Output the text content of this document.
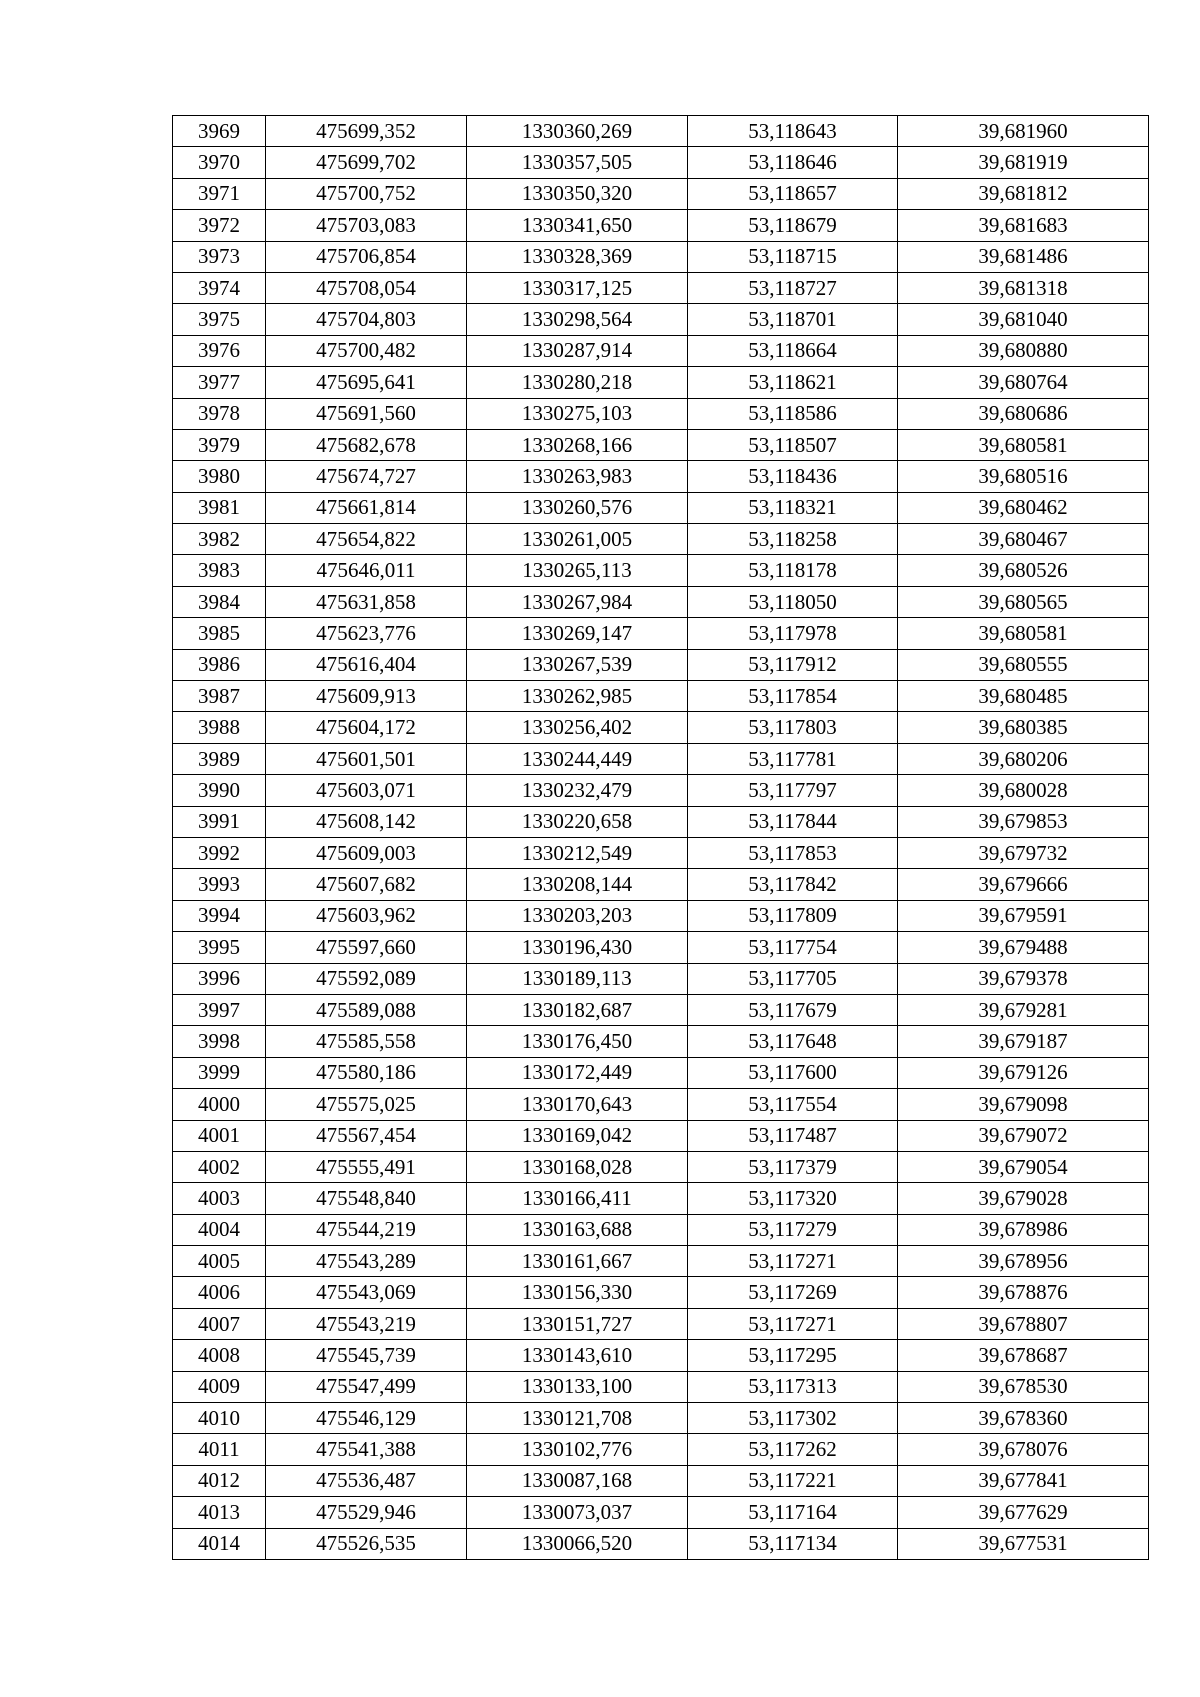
3969	475699,352	1330360,269	53,118643	39,681960
3970	475699,702	1330357,505	53,118646	39,681919
3971	475700,752	1330350,320	53,118657	39,681812
3972	475703,083	1330341,650	53,118679	39,681683
3973	475706,854	1330328,369	53,118715	39,681486
3974	475708,054	1330317,125	53,118727	39,681318
3975	475704,803	1330298,564	53,118701	39,681040
3976	475700,482	1330287,914	53,118664	39,680880
3977	475695,641	1330280,218	53,118621	39,680764
3978	475691,560	1330275,103	53,118586	39,680686
3979	475682,678	1330268,166	53,118507	39,680581
3980	475674,727	1330263,983	53,118436	39,680516
3981	475661,814	1330260,576	53,118321	39,680462
3982	475654,822	1330261,005	53,118258	39,680467
3983	475646,011	1330265,113	53,118178	39,680526
3984	475631,858	1330267,984	53,118050	39,680565
3985	475623,776	1330269,147	53,117978	39,680581
3986	475616,404	1330267,539	53,117912	39,680555
3987	475609,913	1330262,985	53,117854	39,680485
3988	475604,172	1330256,402	53,117803	39,680385
3989	475601,501	1330244,449	53,117781	39,680206
3990	475603,071	1330232,479	53,117797	39,680028
3991	475608,142	1330220,658	53,117844	39,679853
3992	475609,003	1330212,549	53,117853	39,679732
3993	475607,682	1330208,144	53,117842	39,679666
3994	475603,962	1330203,203	53,117809	39,679591
3995	475597,660	1330196,430	53,117754	39,679488
3996	475592,089	1330189,113	53,117705	39,679378
3997	475589,088	1330182,687	53,117679	39,679281
3998	475585,558	1330176,450	53,117648	39,679187
3999	475580,186	1330172,449	53,117600	39,679126
4000	475575,025	1330170,643	53,117554	39,679098
4001	475567,454	1330169,042	53,117487	39,679072
4002	475555,491	1330168,028	53,117379	39,679054
4003	475548,840	1330166,411	53,117320	39,679028
4004	475544,219	1330163,688	53,117279	39,678986
4005	475543,289	1330161,667	53,117271	39,678956
4006	475543,069	1330156,330	53,117269	39,678876
4007	475543,219	1330151,727	53,117271	39,678807
4008	475545,739	1330143,610	53,117295	39,678687
4009	475547,499	1330133,100	53,117313	39,678530
4010	475546,129	1330121,708	53,117302	39,678360
4011	475541,388	1330102,776	53,117262	39,678076
4012	475536,487	1330087,168	53,117221	39,677841
4013	475529,946	1330073,037	53,117164	39,677629
4014	475526,535	1330066,520	53,117134	39,677531
